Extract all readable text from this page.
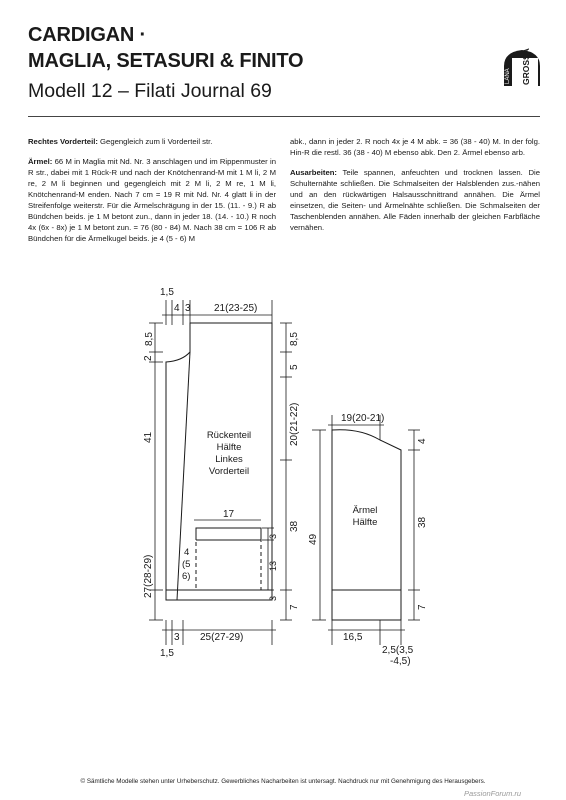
CARDIGAN ·
MAGLIA, SETASURI & FINITO
Modell 12 – Filati Journal 69
LANA GROSSA

Rechtes Vorderteil: Gegengleich zum li Vorderteil str.

Ärmel: 66 M in Maglia mit Nd. Nr. 3 anschlagen und im Rippenmuster in R str., dabei mit 1 Rück-R und nach der Knötchenrand-M mit 1 M li, 2 M re, 2 M li beginnen und gegengleich mit 2 M li, 2 M re, 1 M li, Knötchenrand-M enden. Nach 7 cm = 19 R mit Nd. Nr. 4 glatt li in der Streifenfolge weiterstr. Für die Ärmelschrägung in der 15. (11. - 9.) R ab Bündchen beids. je 1 M betont zun., dann in jeder 18. (14. - 10.) R noch 4x (6x - 8x) je 1 M betont zun. = 76 (80 - 84) M. Nach 38 cm = 106 R ab Bündchen für die Ärmelkugel beids. je 4 (5 - 6) M

abk., dann in jeder 2. R noch 4x je 4 M abk. = 36 (38 - 40) M. In der folg. Hin-R die restl. 36 (38 - 40) M ebenso abk. Den 2. Ärmel ebenso arb.

Ausarbeiten: Teile spannen, anfeuchten und trocknen lassen. Die Schulternähte schließen. Die Schmalseiten der Halsblenden zus.-nähen und an den rückwärtigen Halsausschnittrand annähen. Die Ärmel einsetzen, die Seiten- und Ärmelnähte schließen. Die Schmalseiten der Taschenblenden annähen. Alle Fäden innerhalb der gleichen Farbfläche vernähen.

1,5
4 3 21(23-25)
8,5
2
41
27(28-29)
8,5
5
20(21-22)
38
7
Rückenteil
Hälfte
Linkes
Vorderteil
17
3
13
3
4
(5
6)
3 25(27-29)
1,5
19(20-21)
4
38
7
49
Ärmel
Hälfte
16,5
2,5(3,5
-4,5)
© Sämtliche Modelle stehen unter Urheberschutz. Gewerbliches Nacharbeiten ist untersagt. Nachdruck nur mit Genehmigung des Herausgebers.
PassionForum.ru
